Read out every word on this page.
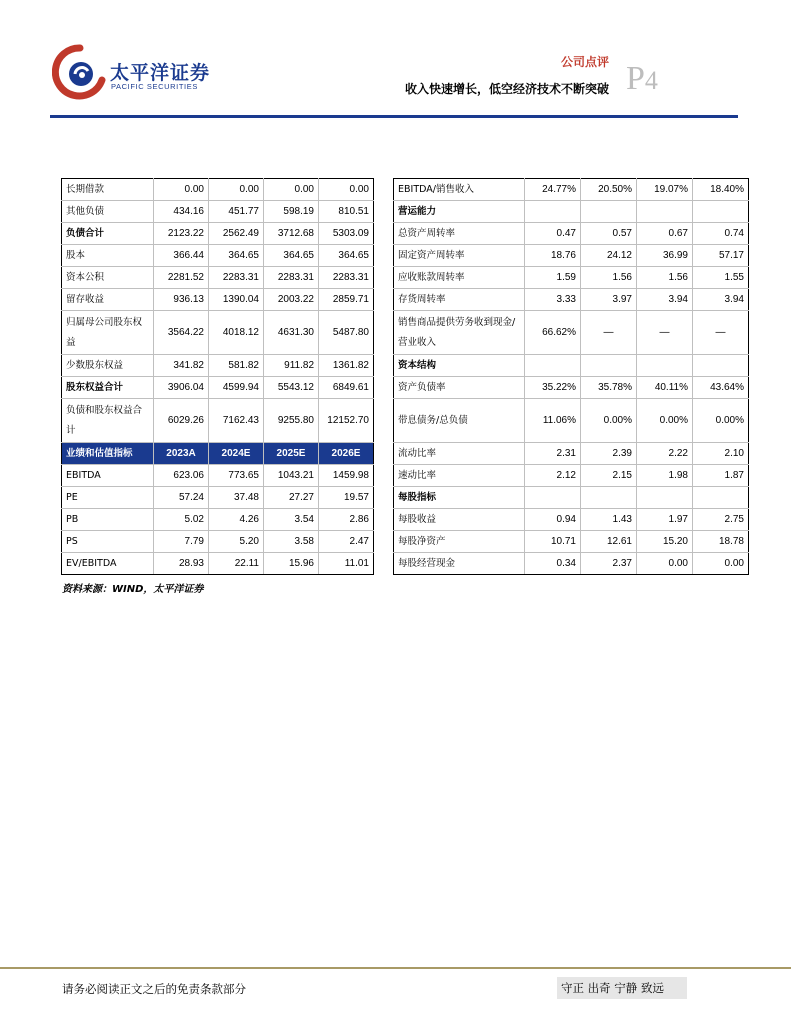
太平洋证券
PACIFIC SECURITIES
公司点评
收入快速增长，低空经济技术不断突破 P4
长期借款	0.00	0.00	0.00	0.00
其他负债	434.16	451.77	598.19	810.51
负债合计	2123.22	2562.49	3712.68	5303.09
股本	366.44	364.65	364.65	364.65
资本公积	2281.52	2283.31	2283.31	2283.31
留存收益	936.13	1390.04	2003.22	2859.71
归属母公司股东权益	3564.22	4018.12	4631.30	5487.80
少数股东权益	341.82	581.82	911.82	1361.82
股东权益合计	3906.04	4599.94	5543.12	6849.61
负债和股东权益合计	6029.26	7162.43	9255.80	12152.70
业绩和估值指标	2023A	2024E	2025E	2026E
EBITDA	623.06	773.65	1043.21	1459.98
PE	57.24	37.48	27.27	19.57
PB	5.02	4.26	3.54	2.86
PS	7.79	5.20	3.58	2.47
EV/EBITDA	28.93	22.11	15.96	11.01
EBITDA/销售收入	24.77%	20.50%	19.07%	18.40%
营运能力				
总资产周转率	0.47	0.57	0.67	0.74
固定资产周转率	18.76	24.12	36.99	57.17
应收账款周转率	1.59	1.56	1.56	1.55
存货周转率	3.33	3.97	3.94	3.94
销售商品提供劳务收到现金/营业收入	66.62%	—	—	—
资本结构				
资产负债率	35.22%	35.78%	40.11%	43.64%
带息债务/总负债	11.06%	0.00%	0.00%	0.00%
流动比率	2.31	2.39	2.22	2.10
速动比率	2.12	2.15	1.98	1.87
每股指标				
每股收益	0.94	1.43	1.97	2.75
每股净资产	10.71	12.61	15.20	18.78
每股经营现金	0.34	2.37	0.00	0.00
资料来源：WIND，太平洋证券
请务必阅读正文之后的免责条款部分	守正 出奇 宁静 致远
